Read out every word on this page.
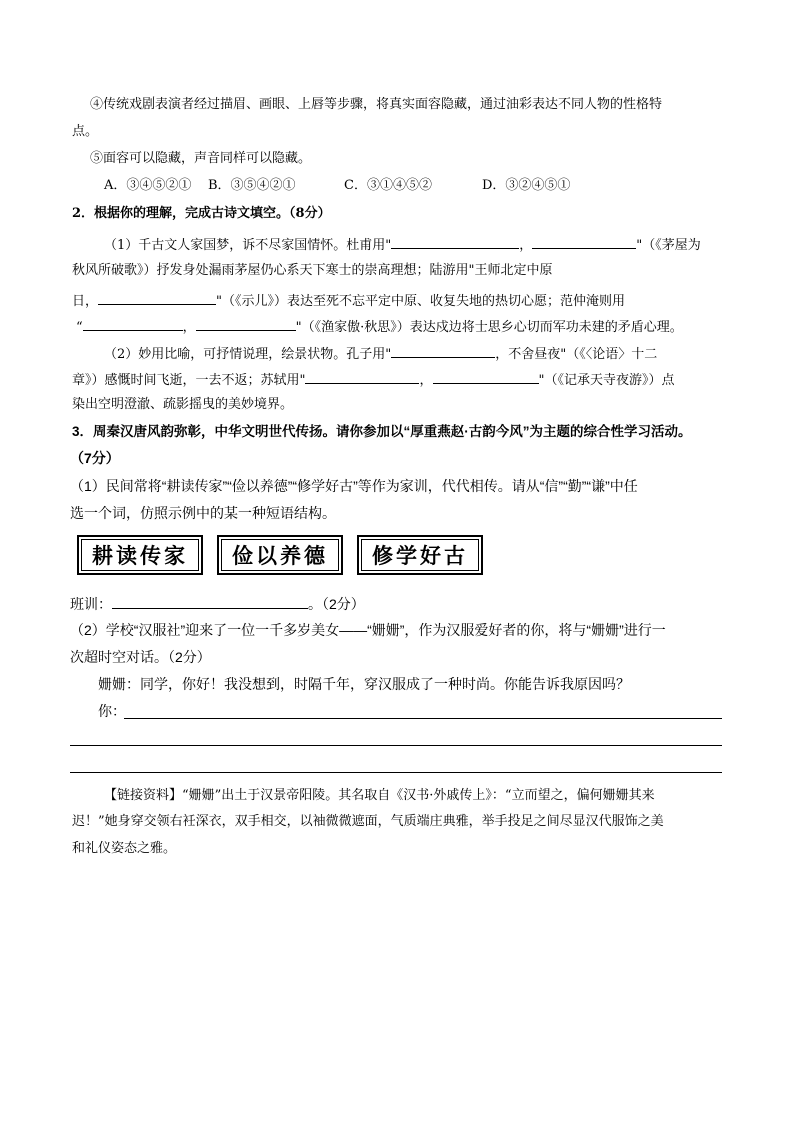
④传统戏剧表演者经过描眉、画眼、上唇等步骤，将真实面容隐藏，通过油彩表达不同人物的性格特
点。
⑤面容可以隐藏，声音同样可以隐藏。
A．③④⑤②① B．③⑤④②①	C．③①④⑤②	D．③②④⑤①
2．根据你的理解，完成古诗文填空。（8分）
（1）千古文人家国梦，诉不尽家国情怀。杜甫用"	，	"（《茅屋为
秋风所破歌》）抒发身处漏雨茅屋仍心系天下寒士的崇高理想；陆游用"王师北定中原
日，	"（《示儿》）表达至死不忘平定中原、收复失地的热切心愿；范仲淹则用
“	，	"（《渔家傲·秋思》）表达戍边将士思乡心切而军功未建的矛盾心理。
（2）妙用比喻，可抒情说理，绘景状物。孔子用"	，不舍昼夜"（《〈论语〉十二
章》）感慨时间飞逝，一去不返；苏轼用"	，	"（《记承天寺夜游》）点
染出空明澄澈、疏影摇曳的美妙境界。
3．周秦汉唐风韵弥彰，中华文明世代传扬。请你参加以“厚重燕赵·古韵今风”为主题的综合性学习活动。
（7分）
（1）民间常将“耕读传家”“俭以养德”“修学好古”等作为家训，代代相传。请从“信”“勤”“谦”中任
选一个词，仿照示例中的某一种短语结构。
耕读传家	俭以养德	修学好古
班训：	。（2分）
（2）学校“汉服社”迎来了一位一千多岁美女——“姗姗”，作为汉服爱好者的你，将与“姗姗”进行一
次超时空对话。（2分）
姗姗：同学，你好！我没想到，时隔千年，穿汉服成了一种时尚。你能告诉我原因吗？
你：
【链接资料】“姗姗”出土于汉景帝阳陵。其名取自《汉书·外戚传上》：“立而望之，偏何姗姗其来
迟！”她身穿交领右衽深衣，双手相交，以袖微微遮面，气质端庄典雅，举手投足之间尽显汉代服饰之美
和礼仪姿态之雅。
